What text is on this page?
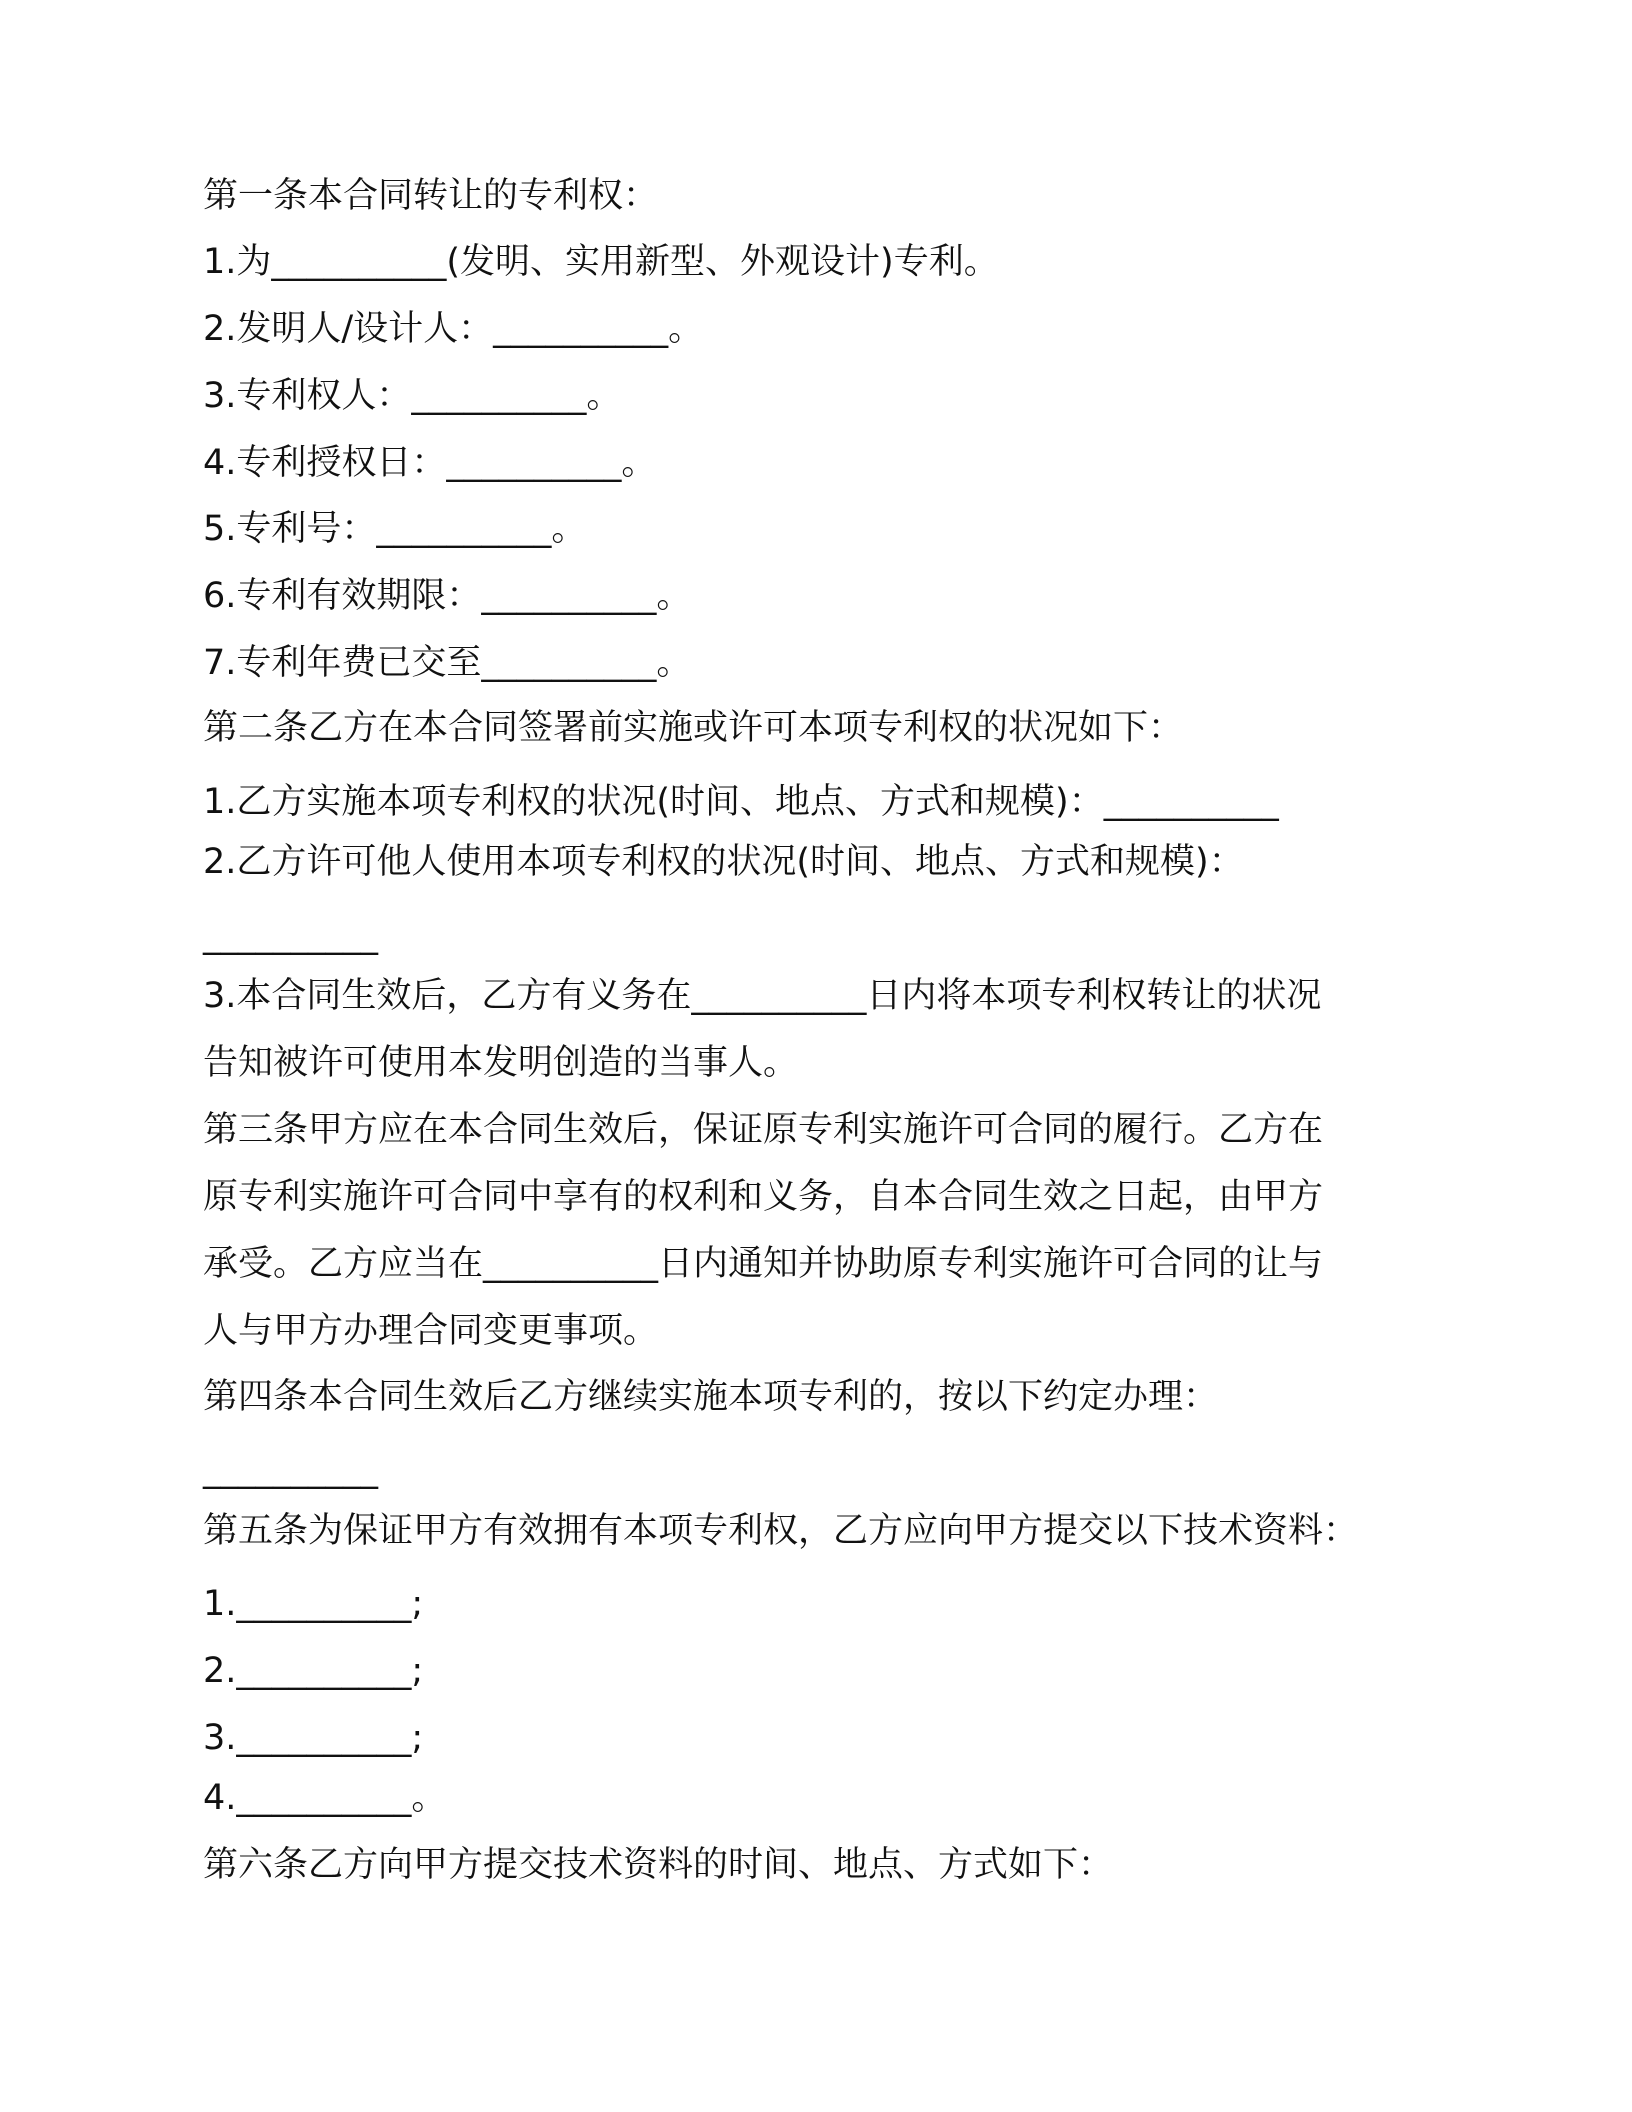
第一条本合同转让的专利权：
1.为__________(发明、实用新型、外观设计)专利。
2.发明人/设计人：__________。
3.专利权人：__________。
4.专利授权日：__________。
5.专利号：__________。
6.专利有效期限：__________。
7.专利年费已交至__________。
第二条乙方在本合同签署前实施或许可本项专利权的状况如下：
1.乙方实施本项专利权的状况(时间、地点、方式和规模)：__________
2.乙方许可他人使用本项专利权的状况(时间、地点、方式和规模)：
__________
3.本合同生效后，乙方有义务在__________日内将本项专利权转让的状况
告知被许可使用本发明创造的当事人。
第三条甲方应在本合同生效后，保证原专利实施许可合同的履行。乙方在
原专利实施许可合同中享有的权利和义务，自本合同生效之日起，由甲方
承受。乙方应当在__________日内通知并协助原专利实施许可合同的让与
人与甲方办理合同变更事项。
第四条本合同生效后乙方继续实施本项专利的，按以下约定办理：
__________
第五条为保证甲方有效拥有本项专利权，乙方应向甲方提交以下技术资料：
1.__________;
2.__________;
3.__________;
4.__________。
第六条乙方向甲方提交技术资料的时间、地点、方式如下：
